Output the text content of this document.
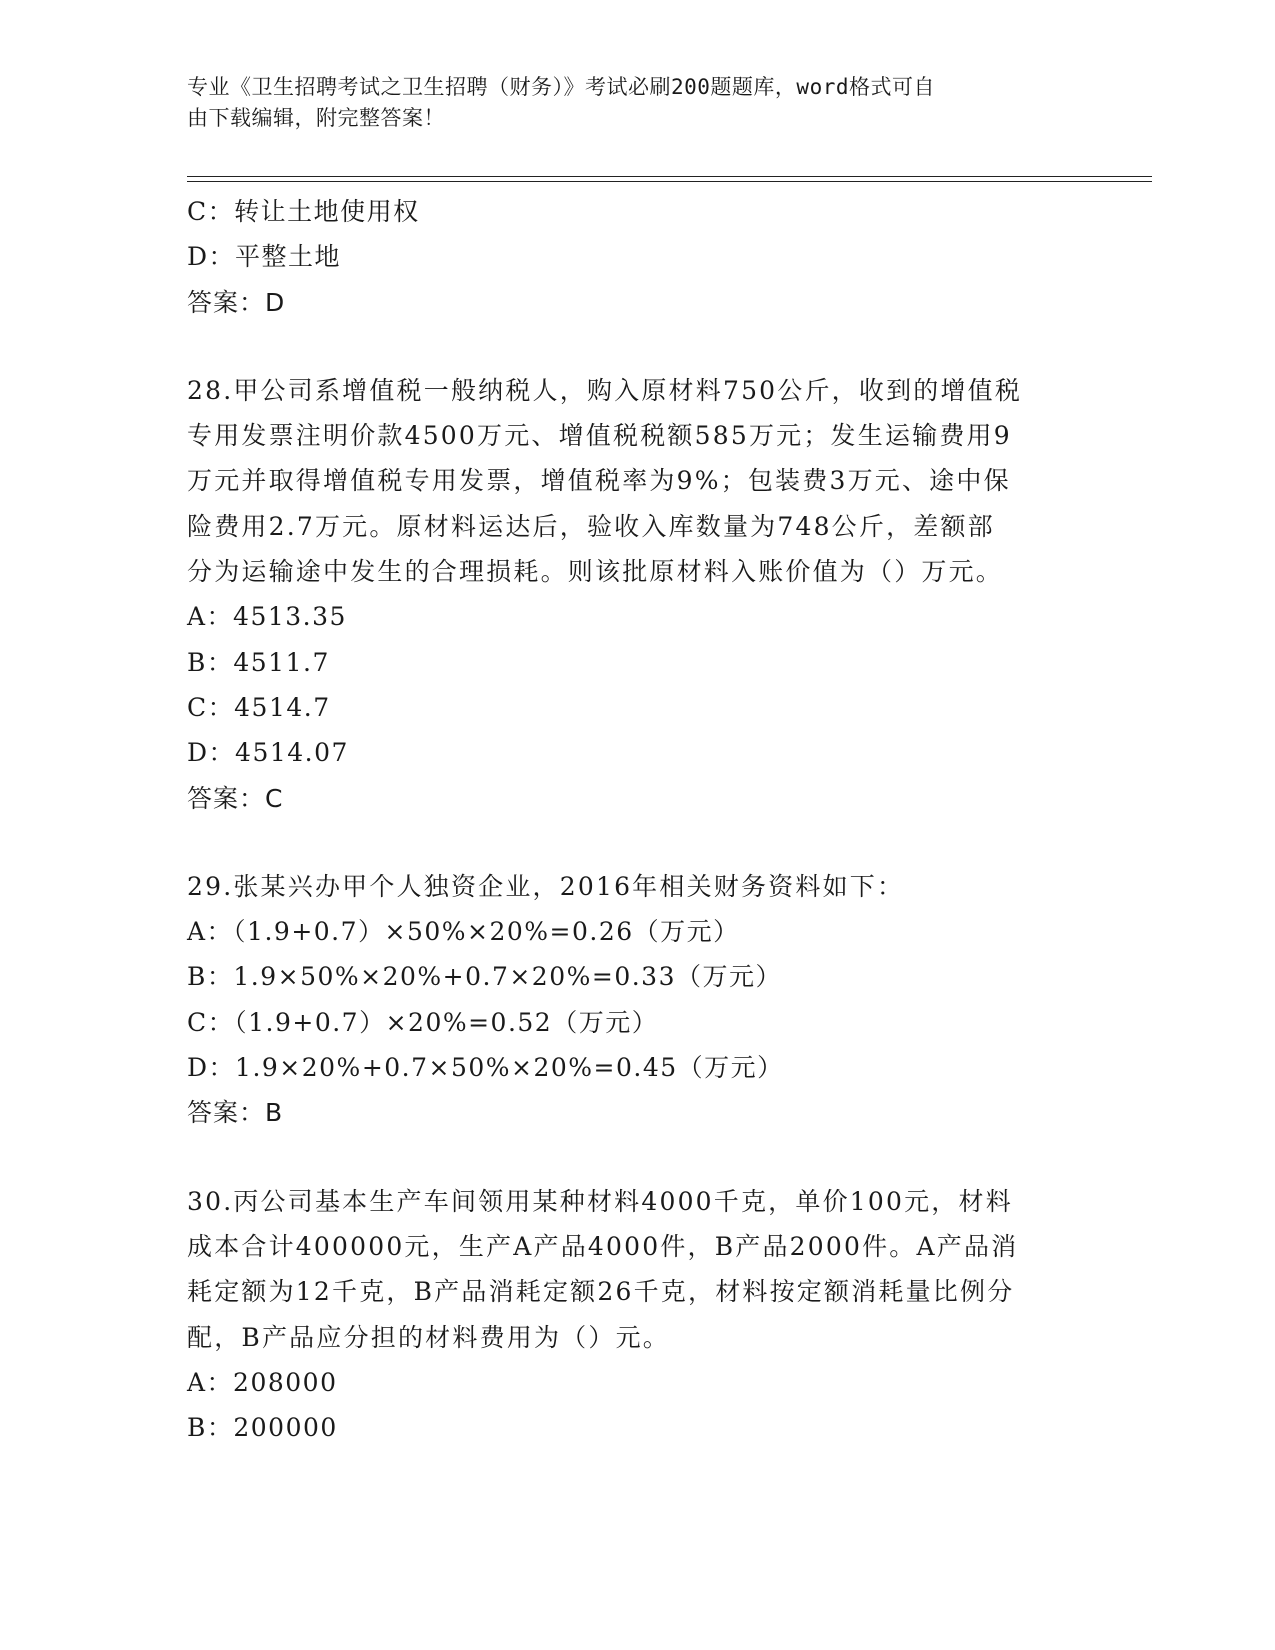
专业《卫生招聘考试之卫生招聘（财务）》考试必刷200题题库，word格式可自
由下载编辑，附完整答案！
C：转让土地使用权
D：平整土地
答案：D
28.甲公司系增值税一般纳税人，购入原材料750公斤，收到的增值税
专用发票注明价款4500万元、增值税税额585万元；发生运输费用9
万元并取得增值税专用发票，增值税率为9%；包装费3万元、途中保
险费用2.7万元。原材料运达后，验收入库数量为748公斤，差额部
分为运输途中发生的合理损耗。则该批原材料入账价值为（）万元。
A：4513.35
B：4511.7
C：4514.7
D：4514.07
答案：C
29.张某兴办甲个人独资企业，2016年相关财务资料如下：
A：（1.9+0.7）×50%×20%=0.26（万元）
B：1.9×50%×20%+0.7×20%=0.33（万元）
C：（1.9+0.7）×20%=0.52（万元）
D：1.9×20%+0.7×50%×20%=0.45（万元）
答案：B
30.丙公司基本生产车间领用某种材料4000千克，单价100元，材料
成本合计400000元，生产A产品4000件，B产品2000件。A产品消
耗定额为12千克，B产品消耗定额26千克，材料按定额消耗量比例分
配，B产品应分担的材料费用为（）元。
A：208000
B：200000
